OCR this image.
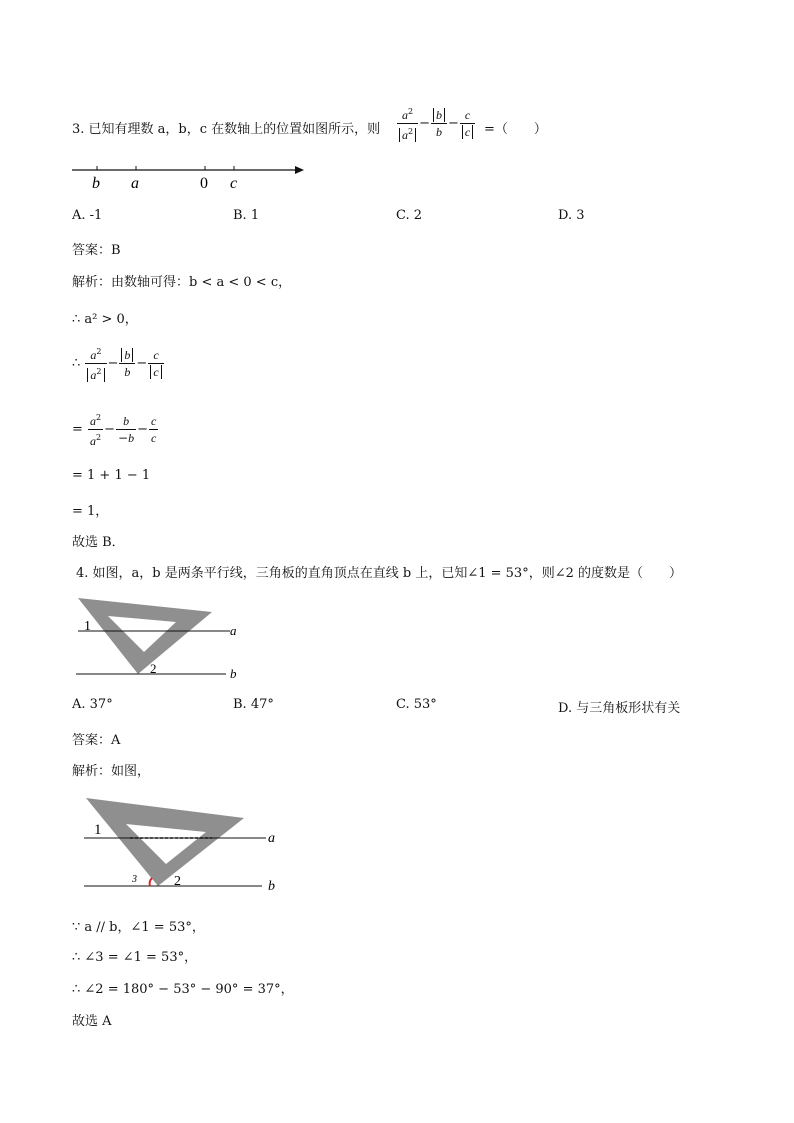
3. 已知有理数 a，b，c 在数轴上的位置如图所示，则 $\frac{a^2}{a^2} - \frac{b}{b} - \frac{c}{c}$ =（　　）
b a	0 c
A. -1	B. 1	C. 2	D. 3
答案：B
解析：由数轴可得：b < a < 0 < c，
∴ a² > 0，
∴ $\frac{a^2}{a^2} - \frac{b}{b} - \frac{c}{c}$
= $\frac{a^2}{a^2} - \frac{b}{-b} - \frac{c}{c}$
= 1 + 1 − 1
= 1，
故选 B．
4. 如图，a，b 是两条平行线，三角板的直角顶点在直线 b 上，已知∠1 = 53°，则∠2 的度数是（　　）
1	a
2	b
A. 37°	B. 47°	C. 53°	D. 与三角板形状有关
答案：A
解析：如图，
1
a
3	2	b
∵ a // b，∠1 = 53°，
∴ ∠3 = ∠1 = 53°，
∴ ∠2 = 180° − 53° − 90° = 37°，
故选 A
